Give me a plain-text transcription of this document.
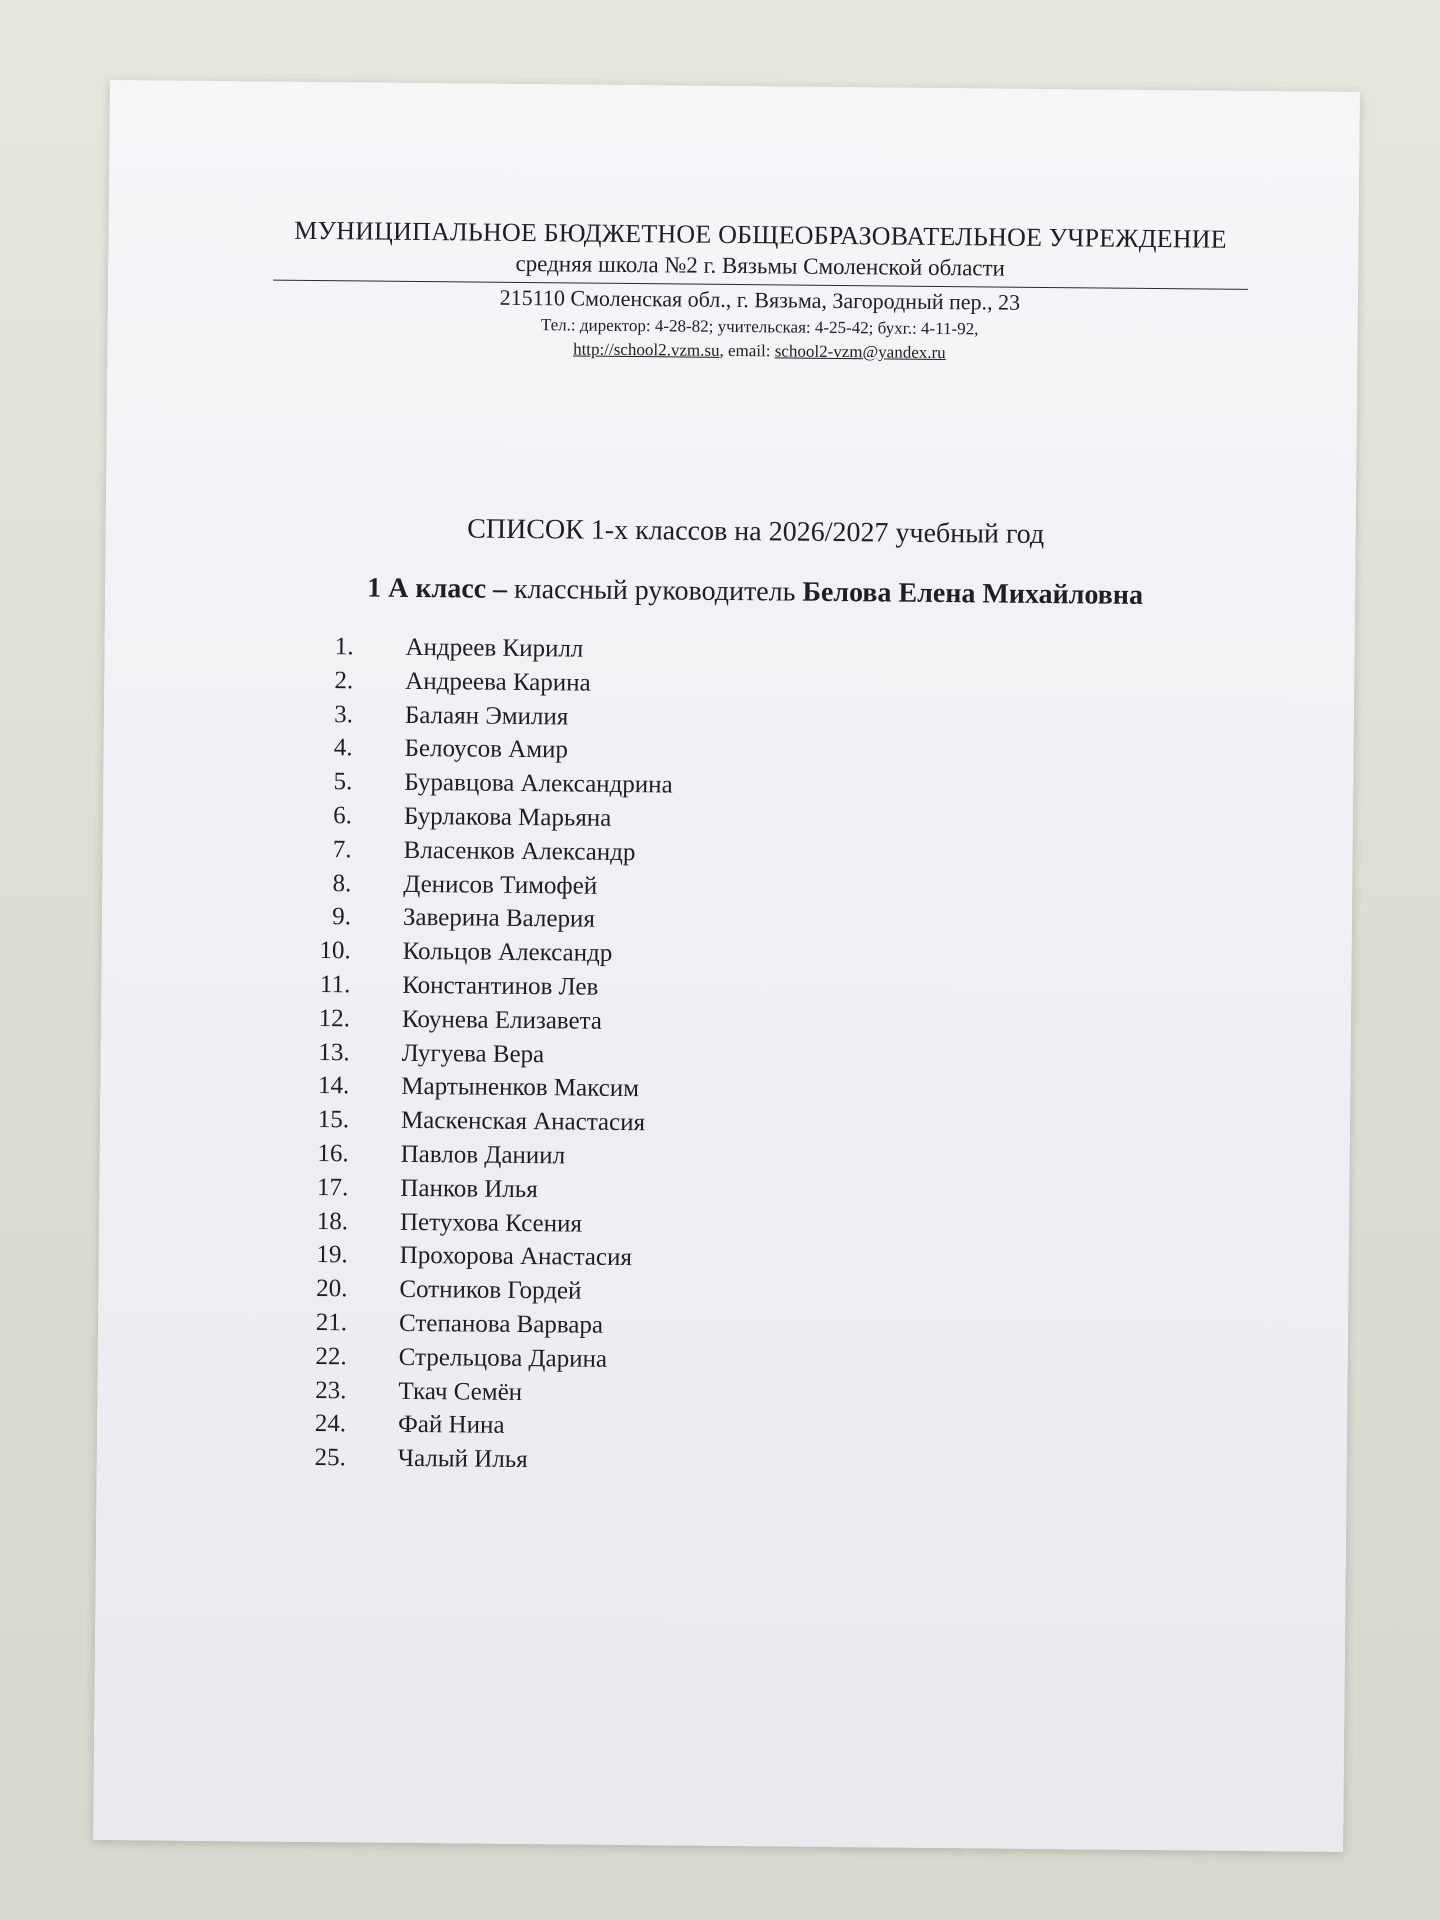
МУНИЦИПАЛЬНОЕ БЮДЖЕТНОЕ ОБЩЕОБРАЗОВАТЕЛЬНОЕ УЧРЕЖДЕНИЕ
средняя школа №2 г. Вязьмы Смоленской области
215110 Смоленская обл., г. Вязьма, Загородный пер., 23
Тел.: директор: 4-28-82; учительская: 4-25-42; бухг.: 4-11-92,
http://school2.vzm.su, email: school2-vzm@yandex.ru
СПИСОК 1-х классов на 2026/2027 учебный год
1 А класс – классный руководитель Белова Елена Михайловна
1. Андреев Кирилл
2. Андреева Карина
3. Балаян Эмилия
4. Белоусов Амир
5. Буравцова Александрина
6. Бурлакова Марьяна
7. Власенков Александр
8. Денисов Тимофей
9. Заверина Валерия
10. Кольцов Александр
11. Константинов Лев
12. Коунева Елизавета
13. Лугуева Вера
14. Мартыненков Максим
15. Маскенская Анастасия
16. Павлов Даниил
17. Панков Илья
18. Петухова Ксения
19. Прохорова Анастасия
20. Сотников Гордей
21. Степанова Варвара
22. Стрельцова Дарина
23. Ткач Семён
24. Фай Нина
25. Чалый Илья
